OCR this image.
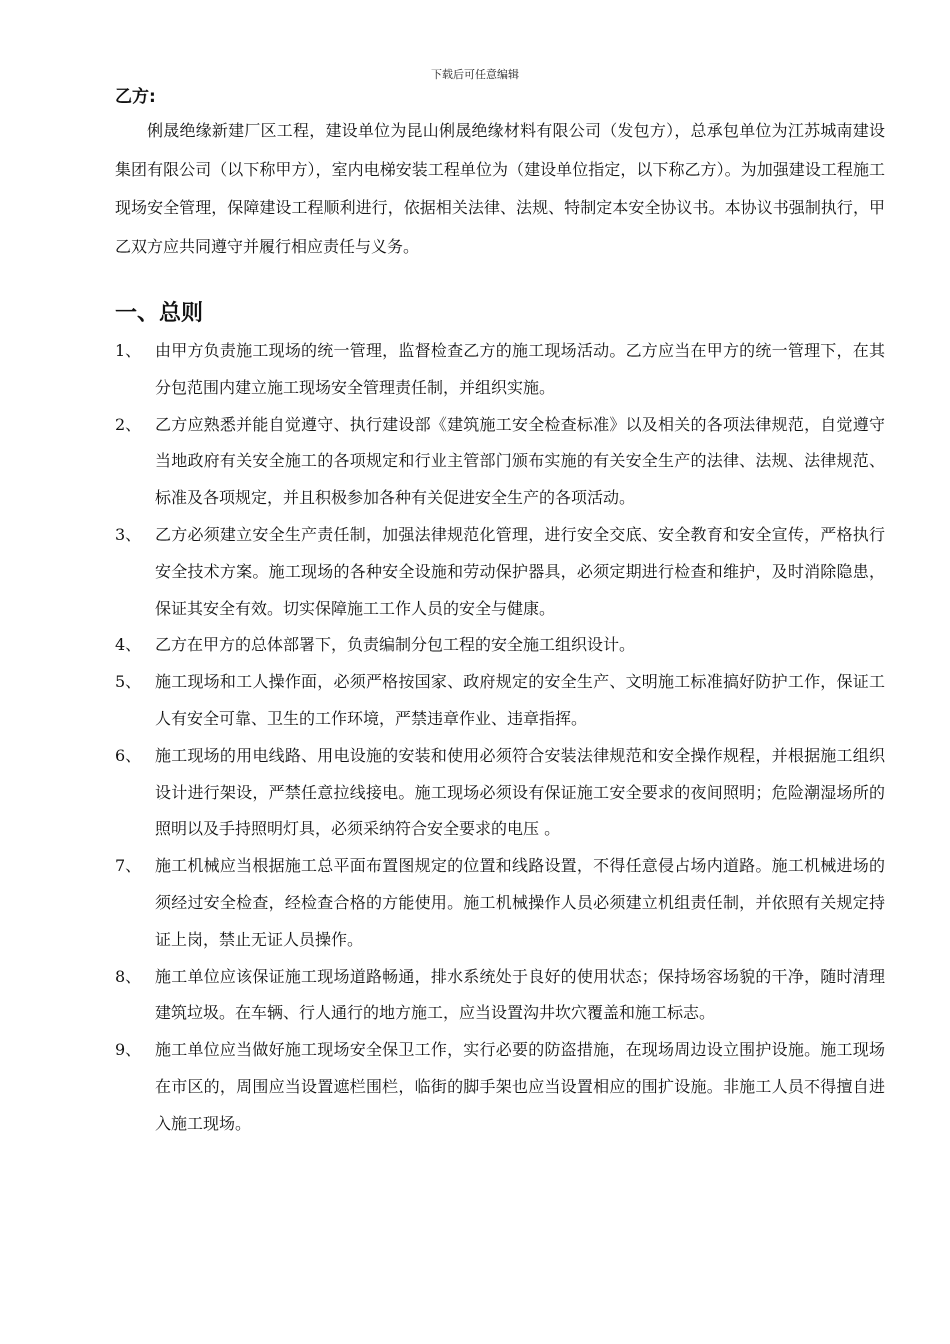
下载后可任意编辑
乙方:

俐晟绝缘新建厂区工程，建设单位为昆山俐晟绝缘材料有限公司（发包方），总承包单位为江苏城南建设集团有限公司（以下称甲方），室内电梯安装工程单位为（建设单位指定，以下称乙方）。为加强建设工程施工现场安全管理，保障建设工程顺利进行，依据相关法律、法规、特制定本安全协议书。本协议书强制执行，甲乙双方应共同遵守并履行相应责任与义务。

一、总则
1、 由甲方负责施工现场的统一管理，监督检查乙方的施工现场活动。乙方应当在甲方的统一管理下，在其分包范围内建立施工现场安全管理责任制，并组织实施。
2、 乙方应熟悉并能自觉遵守、执行建设部《建筑施工安全检查标准》以及相关的各项法律规范，自觉遵守当地政府有关安全施工的各项规定和行业主管部门颁布实施的有关安全生产的法律、法规、法律规范、标准及各项规定，并且积极参加各种有关促进安全生产的各项活动。
3、 乙方必须建立安全生产责任制，加强法律规范化管理，进行安全交底、安全教育和安全宣传，严格执行安全技术方案。施工现场的各种安全设施和劳动保护器具，必须定期进行检查和维护，及时消除隐患，保证其安全有效。切实保障施工工作人员的安全与健康。
4、 乙方在甲方的总体部署下，负责编制分包工程的安全施工组织设计。
5、 施工现场和工人操作面，必须严格按国家、政府规定的安全生产、文明施工标准搞好防护工作，保证工人有安全可靠、卫生的工作环境，严禁违章作业、违章指挥。
6、 施工现场的用电线路、用电设施的安装和使用必须符合安装法律规范和安全操作规程，并根据施工组织设计进行架设，严禁任意拉线接电。施工现场必须设有保证施工安全要求的夜间照明；危险潮湿场所的照明以及手持照明灯具，必须采纳符合安全要求的电压 。
7、 施工机械应当根据施工总平面布置图规定的位置和线路设置，不得任意侵占场内道路。施工机械进场的须经过安全检查，经检查合格的方能使用。施工机械操作人员必须建立机组责任制，并依照有关规定持证上岗，禁止无证人员操作。
8、 施工单位应该保证施工现场道路畅通，排水系统处于良好的使用状态；保持场容场貌的干净，随时清理建筑垃圾。在车辆、行人通行的地方施工，应当设置沟井坎穴覆盖和施工标志。
9、 施工单位应当做好施工现场安全保卫工作，实行必要的防盗措施，在现场周边设立围护设施。施工现场在市区的，周围应当设置遮栏围栏，临街的脚手架也应当设置相应的围扩设施。非施工人员不得擅自进入施工现场。
